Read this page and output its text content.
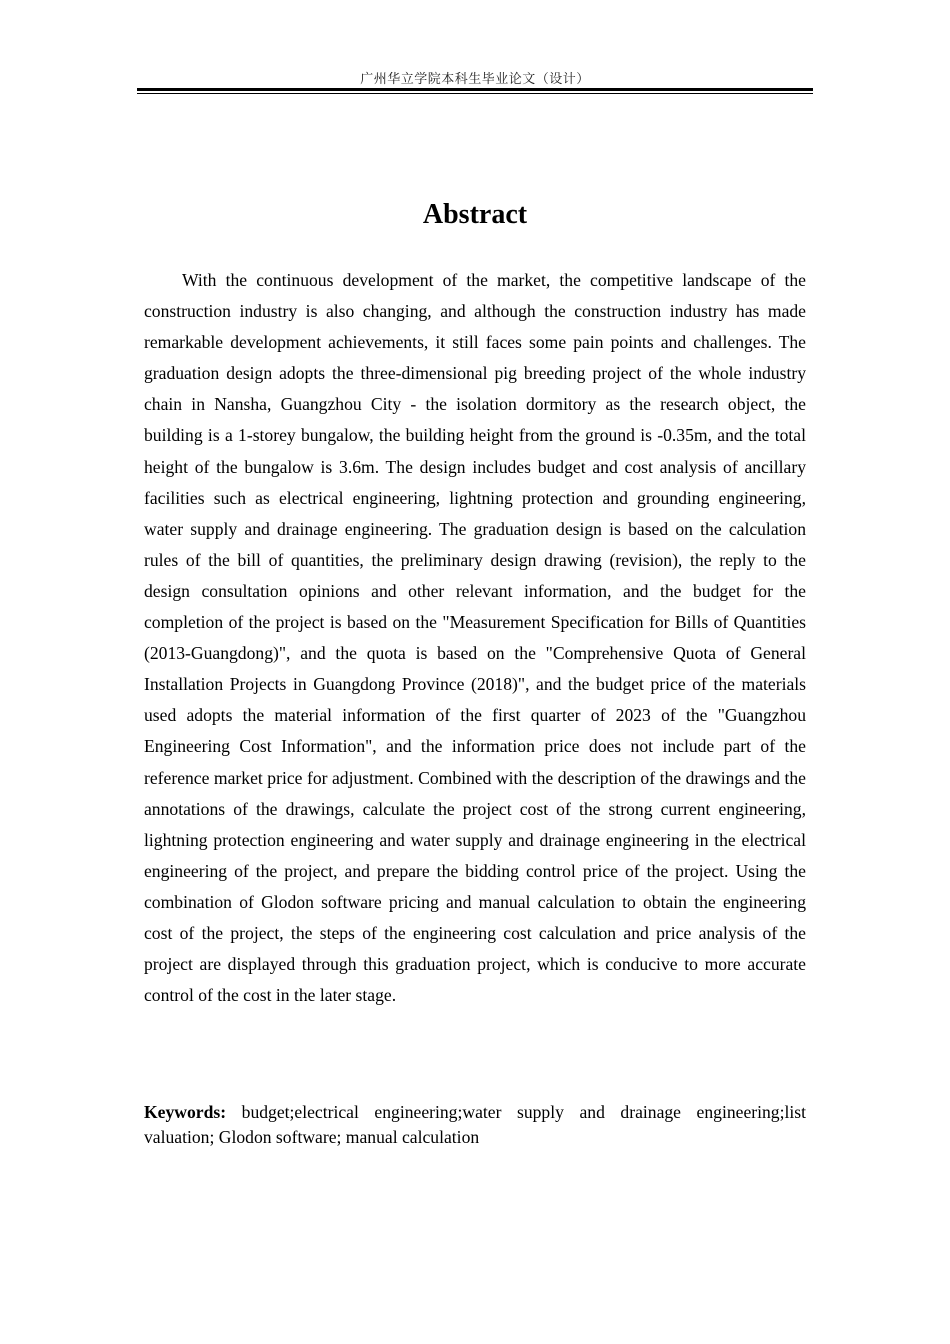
广州华立学院本科生毕业论文（设计）
Abstract

With the continuous development of the market, the competitive landscape of the construction industry is also changing, and although the construction industry has made remarkable development achievements, it still faces some pain points and challenges. The graduation design adopts the three-dimensional pig breeding project of the whole industry chain in Nansha, Guangzhou City - the isolation dormitory as the research object, the building is a 1-storey bungalow, the building height from the ground is -0.35m, and the total height of the bungalow is 3.6m. The design includes budget and cost analysis of ancillary facilities such as electrical engineering, lightning protection and grounding engineering, water supply and drainage engineering. The graduation design is based on the calculation rules of the bill of quantities, the preliminary design drawing (revision), the reply to the design consultation opinions and other relevant information, and the budget for the completion of the project is based on the "Measurement Specification for Bills of Quantities (2013-Guangdong)", and the quota is based on the "Comprehensive Quota of General Installation Projects in Guangdong Province (2018)", and the budget price of the materials used adopts the material information of the first quarter of 2023 of the "Guangzhou Engineering Cost Information", and the information price does not include part of the reference market price for adjustment. Combined with the description of the drawings and the annotations of the drawings, calculate the project cost of the strong current engineering, lightning protection engineering and water supply and drainage engineering in the electrical engineering of the project, and prepare the bidding control price of the project. Using the combination of Glodon software pricing and manual calculation to obtain the engineering cost of the project, the steps of the engineering cost calculation and price analysis of the project are displayed through this graduation project, which is conducive to more accurate control of the cost in the later stage.

Keywords: budget;electrical engineering;water supply and drainage engineering;list valuation; Glodon software; manual calculation
